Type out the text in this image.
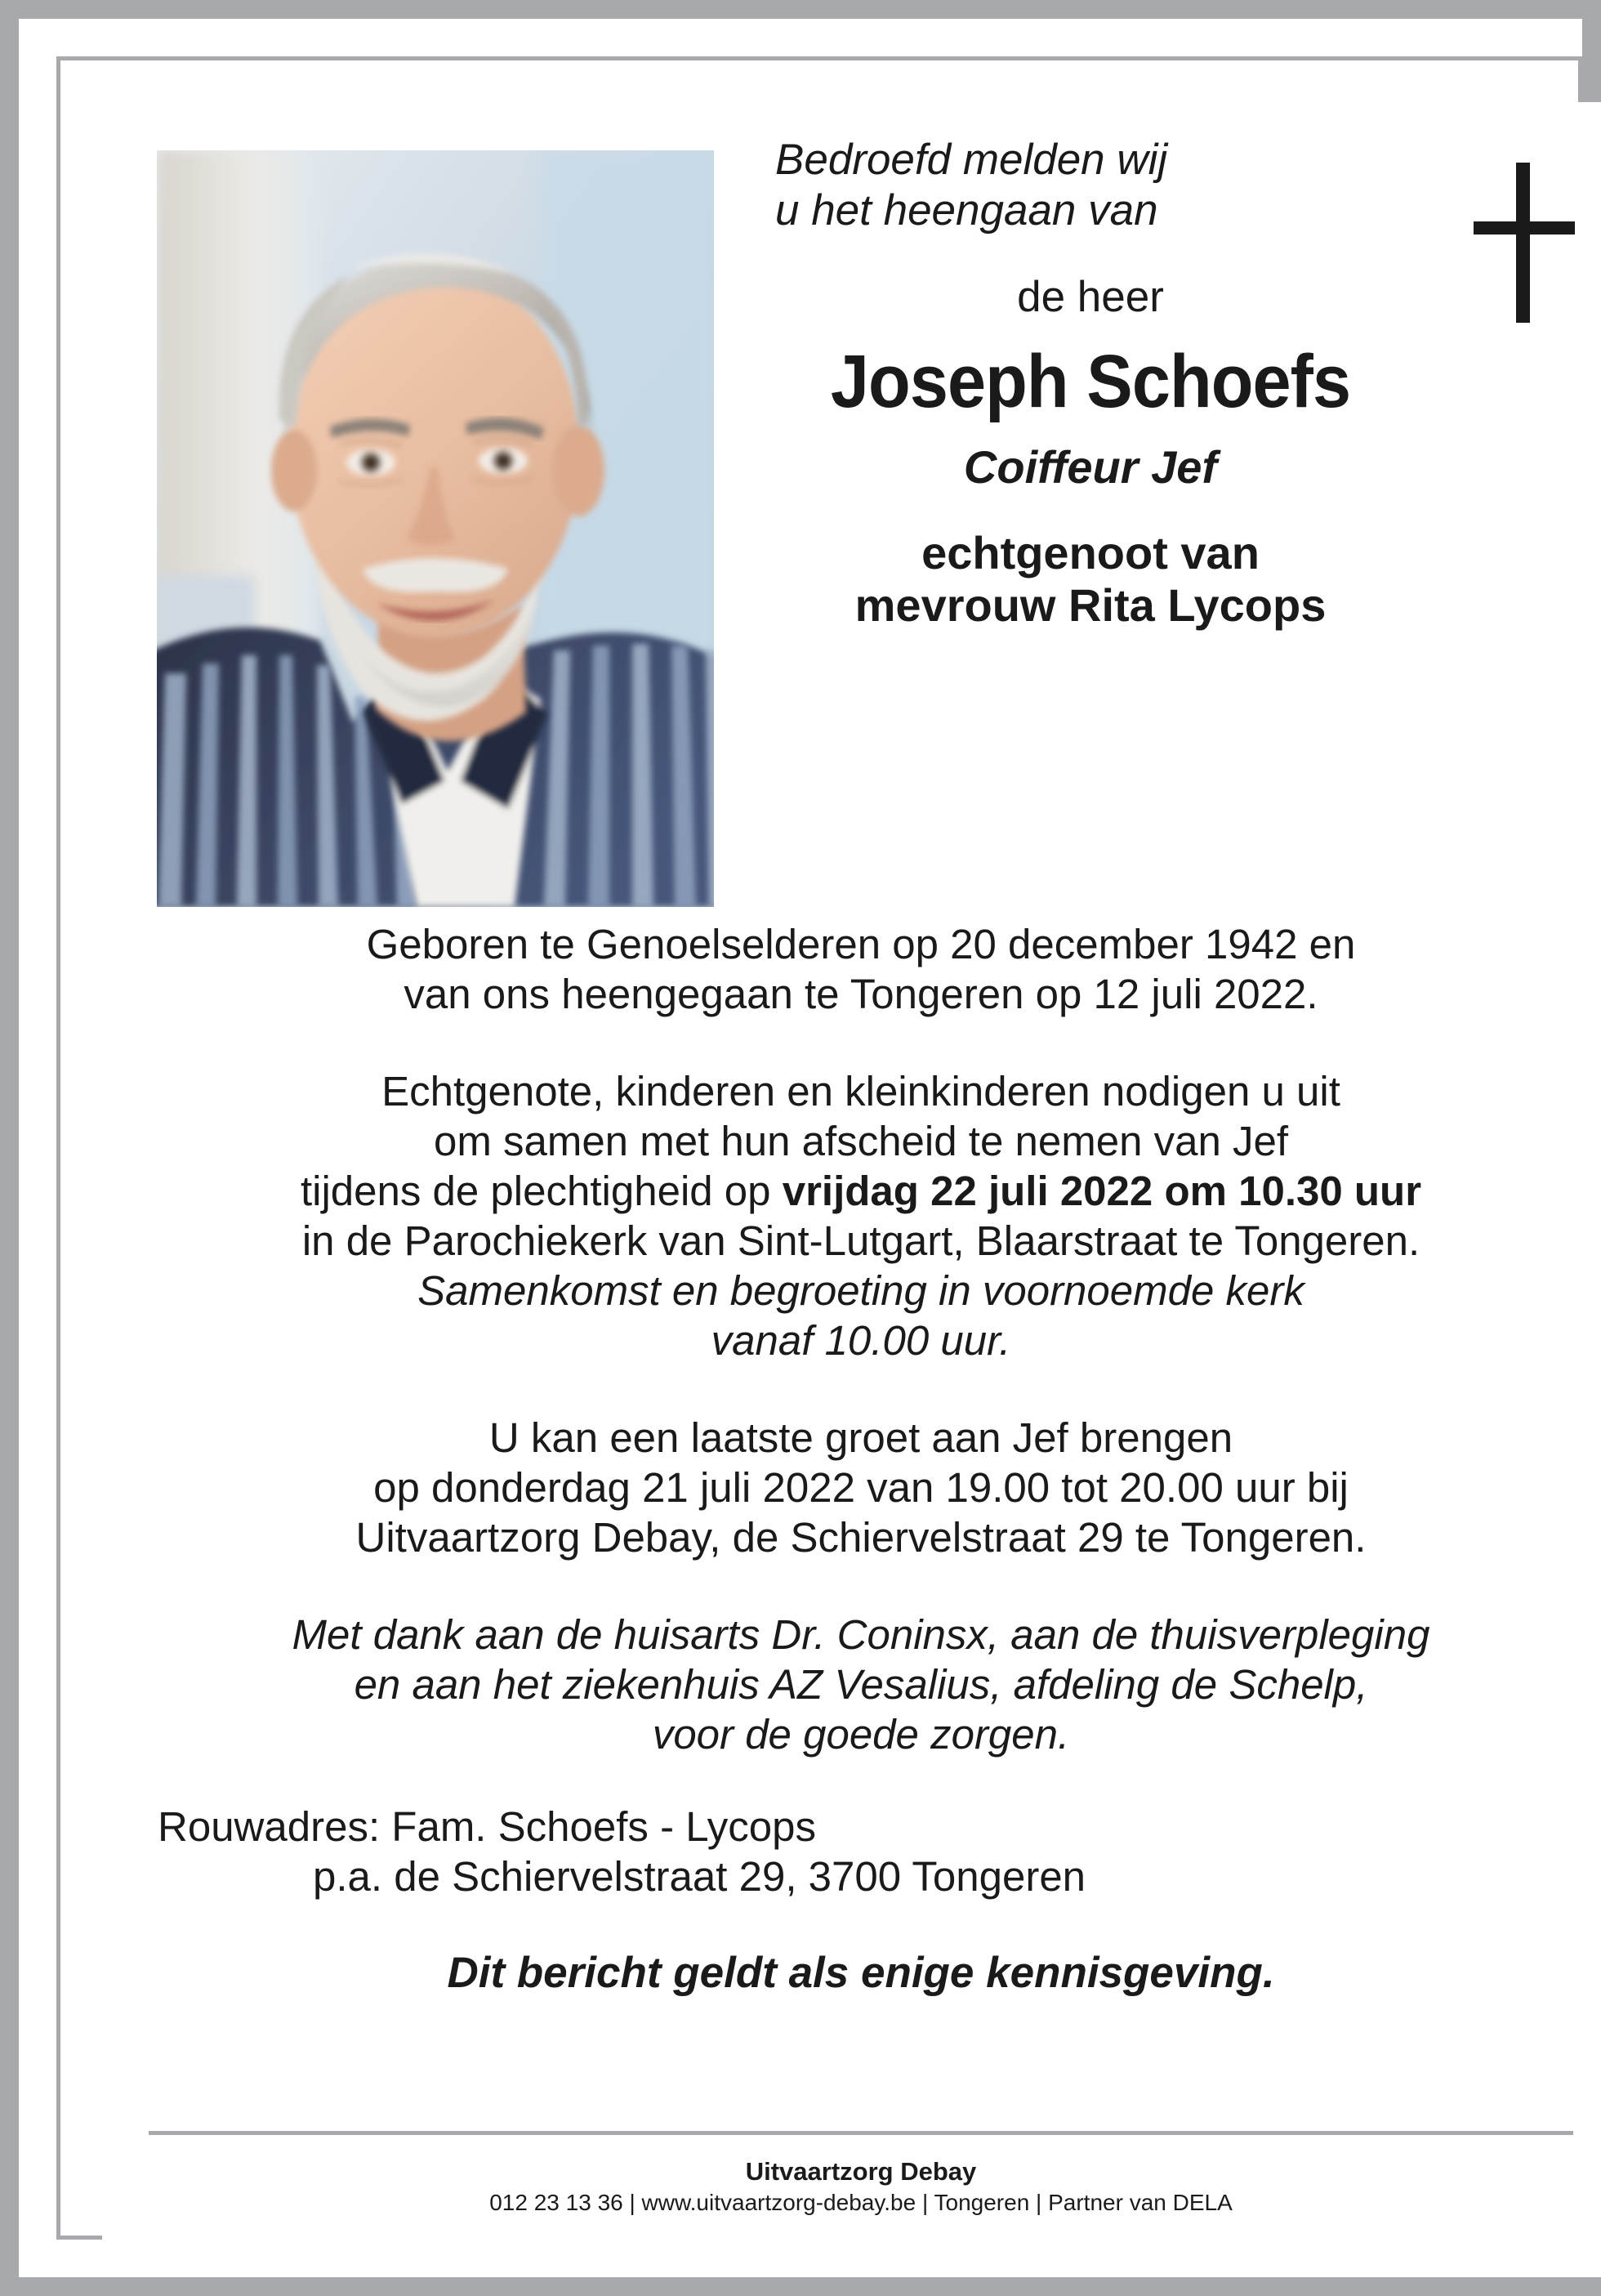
Bedroefd melden wij
u het heengaan van
de heer
Joseph Schoefs
Coiffeur Jef
echtgenoot van
mevrouw Rita Lycops

Geboren te Genoelselderen op 20 december 1942 en
van ons heengegaan te Tongeren op 12 juli 2022.

Echtgenote, kinderen en kleinkinderen nodigen u uit
om samen met hun afscheid te nemen van Jef
tijdens de plechtigheid op vrijdag 22 juli 2022 om 10.30 uur
in de Parochiekerk van Sint-Lutgart, Blaarstraat te Tongeren.

Samenkomst en begroeting in voornoemde kerk
vanaf 10.00 uur.

U kan een laatste groet aan Jef brengen
op donderdag 21 juli 2022 van 19.00 tot 20.00 uur bij
Uitvaartzorg Debay, de Schiervelstraat 29 te Tongeren.

Met dank aan de huisarts Dr. Coninsx, aan de thuisverpleging
en aan het ziekenhuis AZ Vesalius, afdeling de Schelp,
voor de goede zorgen.

Rouwadres: Fam. Schoefs - Lycops
p.a. de Schiervelstraat 29, 3700 Tongeren

Dit bericht geldt als enige kennisgeving.

Uitvaartzorg Debay
012 23 13 36 | www.uitvaartzorg-debay.be | Tongeren | Partner van DELA
